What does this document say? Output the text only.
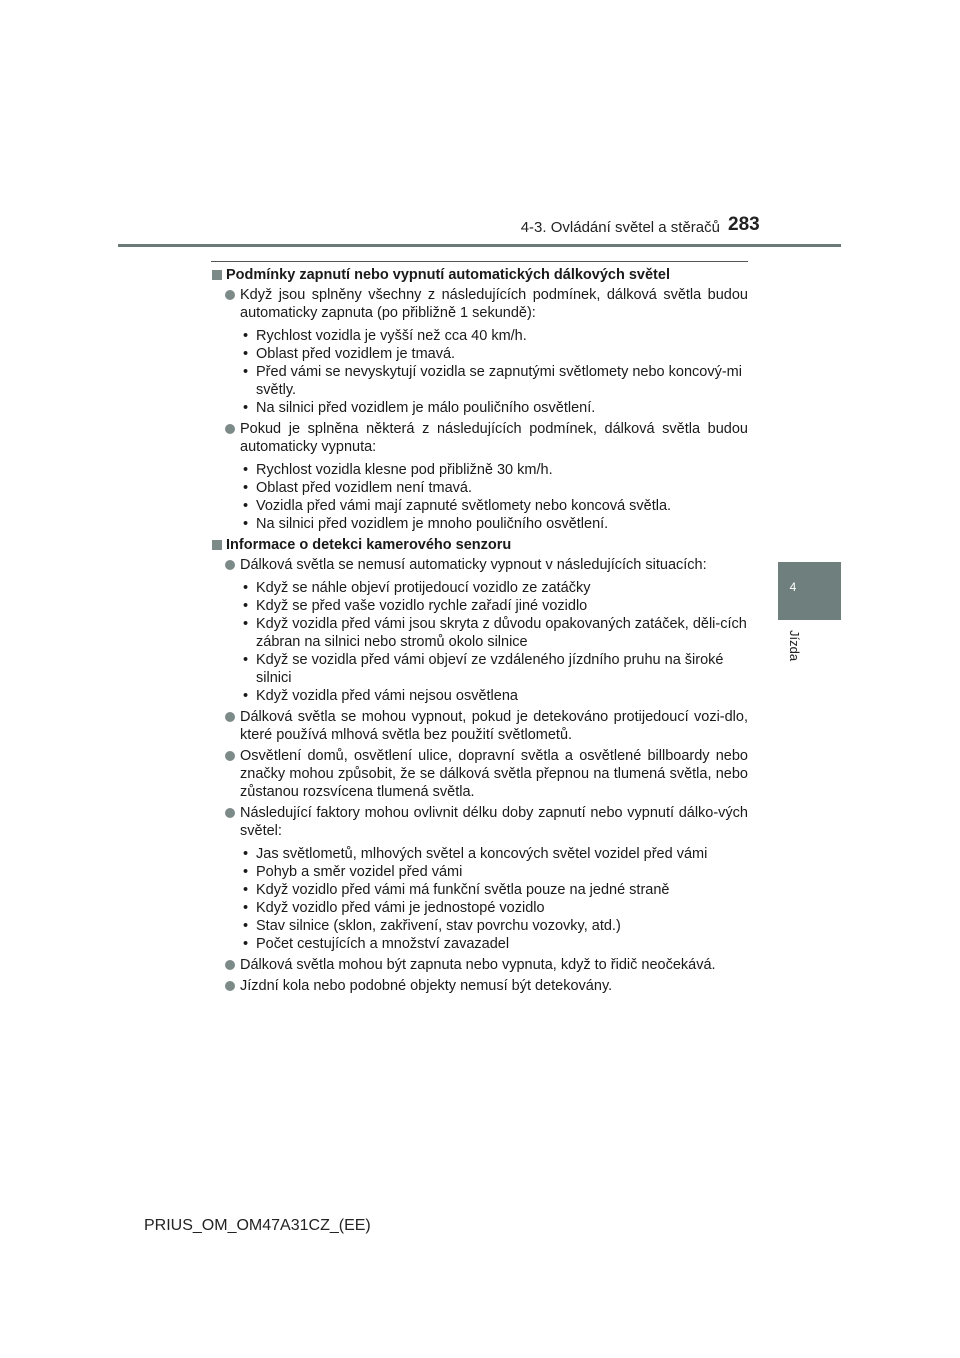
4-3. Ovládání světel a stěračů 283
4
Jízda
Podmínky zapnutí nebo vypnutí automatických dálkových světel
Když jsou splněny všechny z následujících podmínek, dálková světla budou automaticky zapnuta (po přibližně 1 sekundě):
• Rychlost vozidla je vyšší než cca 40 km/h.
• Oblast před vozidlem je tmavá.
• Před vámi se nevyskytují vozidla se zapnutými světlomety nebo koncový-mi světly.
• Na silnici před vozidlem je málo pouličního osvětlení.
Pokud je splněna některá z následujících podmínek, dálková světla budou automaticky vypnuta:
• Rychlost vozidla klesne pod přibližně 30 km/h.
• Oblast před vozidlem není tmavá.
• Vozidla před vámi mají zapnuté světlomety nebo koncová světla.
• Na silnici před vozidlem je mnoho pouličního osvětlení.
Informace o detekci kamerového senzoru
Dálková světla se nemusí automaticky vypnout v následujících situacích:
• Když se náhle objeví protijedoucí vozidlo ze zatáčky
• Když se před vaše vozidlo rychle zařadí jiné vozidlo
• Když vozidla před vámi jsou skryta z důvodu opakovaných zatáček, děli-cích zábran na silnici nebo stromů okolo silnice
• Když se vozidla před vámi objeví ze vzdáleného jízdního pruhu na široké silnici
• Když vozidla před vámi nejsou osvětlena
Dálková světla se mohou vypnout, pokud je detekováno protijedoucí vozi-dlo, které používá mlhová světla bez použití světlometů.
Osvětlení domů, osvětlení ulice, dopravní světla a osvětlené billboardy nebo značky mohou způsobit, že se dálková světla přepnou na tlumená světla, nebo zůstanou rozsvícena tlumená světla.
Následující faktory mohou ovlivnit délku doby zapnutí nebo vypnutí dálko-vých světel:
• Jas světlometů, mlhových světel a koncových světel vozidel před vámi
• Pohyb a směr vozidel před vámi
• Když vozidlo před vámi má funkční světla pouze na jedné straně
• Když vozidlo před vámi je jednostopé vozidlo
• Stav silnice (sklon, zakřivení, stav povrchu vozovky, atd.)
• Počet cestujících a množství zavazadel
Dálková světla mohou být zapnuta nebo vypnuta, když to řidič neočekává.
Jízdní kola nebo podobné objekty nemusí být detekovány.
PRIUS_OM_OM47A31CZ_(EE)
